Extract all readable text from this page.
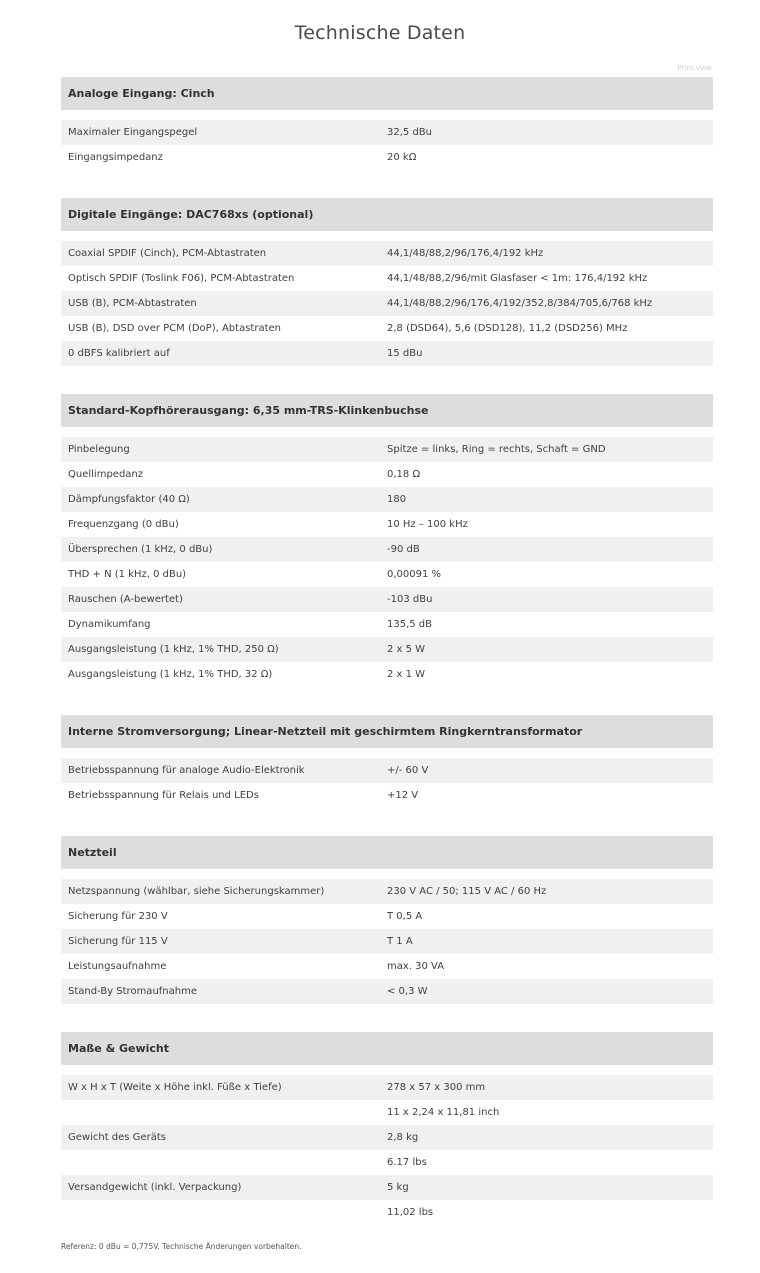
Technische Daten
Print view
Analoge Eingang: Cinch
Maximaler Eingangspegel	32,5 dBu
Eingangsimpedanz	20 kΩ
Digitale Eingänge: DAC768xs (optional)
Coaxial SPDIF (Cinch), PCM-Abtastraten	44,1/48/88,2/96/176,4/192 kHz
Optisch SPDIF (Toslink F06), PCM-Abtastraten	44,1/48/88,2/96/mit Glasfaser < 1m: 176,4/192 kHz
USB (B), PCM-Abtastraten	44,1/48/88,2/96/176,4/192/352,8/384/705,6/768 kHz
USB (B), DSD over PCM (DoP), Abtastraten	2,8 (DSD64), 5,6 (DSD128), 11,2 (DSD256) MHz
0 dBFS kalibriert auf	15 dBu
Standard-Kopfhörerausgang: 6,35 mm-TRS-Klinkenbuchse
Pinbelegung	Spitze = links, Ring = rechts, Schaft = GND
Quellimpedanz	0,18 Ω
Dämpfungsfaktor (40 Ω)	180
Frequenzgang (0 dBu)	10 Hz – 100 kHz
Übersprechen (1 kHz, 0 dBu)	-90 dB
THD + N (1 kHz, 0 dBu)	0,00091 %
Rauschen (A-bewertet)	-103 dBu
Dynamikumfang	135,5 dB
Ausgangsleistung (1 kHz, 1% THD, 250 Ω)	2 x 5 W
Ausgangsleistung (1 kHz, 1% THD, 32 Ω)	2 x 1 W
Interne Stromversorgung; Linear-Netzteil mit geschirmtem Ringkerntransformator
Betriebsspannung für analoge Audio-Elektronik	+/- 60 V
Betriebsspannung für Relais und LEDs	+12 V
Netzteil
Netzspannung (wählbar, siehe Sicherungskammer)	230 V AC / 50; 115 V AC / 60 Hz
Sicherung für 230 V	T 0,5 A
Sicherung für 115 V	T 1 A
Leistungsaufnahme	max. 30 VA
Stand-By Stromaufnahme	< 0,3 W
Maße & Gewicht
W x H x T (Weite x Höhe inkl. Füße x Tiefe)	278 x 57 x 300 mm
	11 x 2,24 x 11,81 inch
Gewicht des Geräts	2,8 kg
	6.17 lbs
Versandgewicht (inkl. Verpackung)	5 kg
	11,02 lbs
Referenz: 0 dBu = 0,775V. Technische Änderungen vorbehalten.
